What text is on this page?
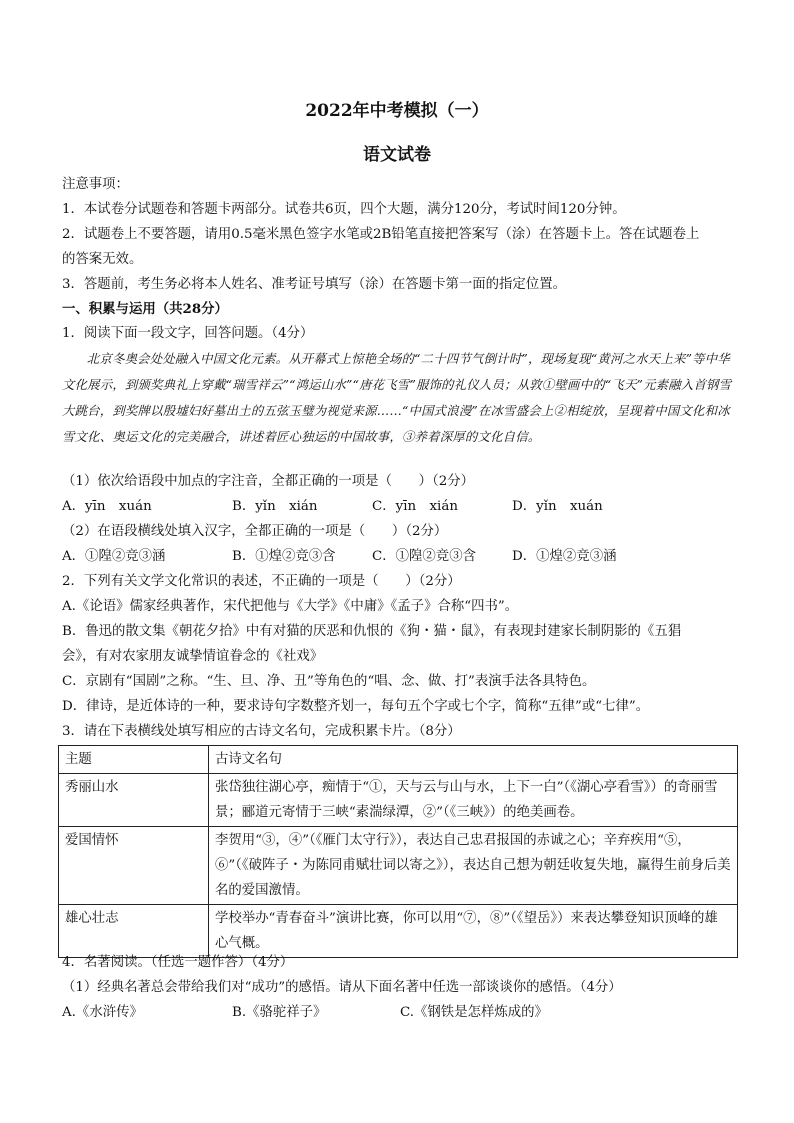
2022年中考模拟（一）
语文试卷
注意事项：
1．本试卷分试题卷和答题卡两部分。试卷共6页，四个大题，满分120分，考试时间120分钟。
2．试题卷上不要答题，请用0.5毫米黑色签字水笔或2B铅笔直接把答案写（涂）在答题卡上。答在试题卷上
的答案无效。
3．答题前，考生务必将本人姓名、准考证号填写（涂）在答题卡第一面的指定位置。
一、积累与运用（共28分）
1．阅读下面一段文字，回答问题。（4分）
北京冬奥会处处融入中国文化元素。从开幕式上惊艳全场的“二十四节气倒计时”，现场复现“黄河之水天上来”等中华文化展示，到颁奖典礼上穿戴“瑞雪祥云”“鸿运山水”“唐花飞雪”服饰的礼仪人员；从敦①壁画中的“飞天”元素融入首钢雪大跳台，到奖牌以殷墟妇好墓出土的五弦玉璧为视觉来源……“中国式浪漫”在冰雪盛会上②相绽放，呈现着中国文化和冰雪文化、奥运文化的完美融合，讲述着匠心独运的中国故事，③养着深厚的文化自信。
（1）依次给语段中加点的字注音，全都正确的一项是（　　）（2分）
A．yīn　xuán	B．yǐn　xián	C．yīn　xián	D．yǐn　xuán
（2）在语段横线处填入汉字，全都正确的一项是（　　）（2分）
A．①隍②竞③涵	B．①煌②竞③含	C．①隍②竞③含	D．①煌②竞③涵
2．下列有关文学文化常识的表述，不正确的一项是（　　）（2分）
A.《论语》儒家经典著作，宋代把他与《大学》《中庸》《孟子》合称“四书”。
B．鲁迅的散文集《朝花夕拾》中有对猫的厌恶和仇恨的《狗・猫・鼠》，有表现封建家长制阴影的《五猖
会》，有对农家朋友诚挚情谊眷念的《社戏》
C．京剧有“国剧”之称。“生、旦、净、丑”等角色的“唱、念、做、打”表演手法各具特色。
D．律诗，是近体诗的一种，要求诗句字数整齐划一，每句五个字或七个字，简称“五律”或“七律”。
3．请在下表横线处填写相应的古诗文名句，完成积累卡片。（8分）
主题	古诗文名句
秀丽山水	张岱独往湖心亭，痴情于“①，天与云与山与水，上下一白”（《湖心亭看雪》）的奇丽雪景；郦道元寄情于三峡“素湍绿潭，②”（《三峡》）的绝美画卷。
爱国情怀	李贺用“③，④”（《雁门太守行》），表达自己忠君报国的赤诚之心；辛弃疾用“⑤，⑥”（《破阵子・为陈同甫赋壮词以寄之》），表达自己想为朝廷收复失地，赢得生前身后美名的爱国激情。
雄心壮志	学校举办“青春奋斗”演讲比赛，你可以用“⑦，⑧”（《望岳》）来表达攀登知识顶峰的雄心气概。
4．名著阅读。（任选一题作答）（4分）
（1）经典名著总会带给我们对“成功”的感悟。请从下面名著中任选一部谈谈你的感悟。（4分）
A.《水浒传》	B.《骆驼祥子》	C.《钢铁是怎样炼成的》
